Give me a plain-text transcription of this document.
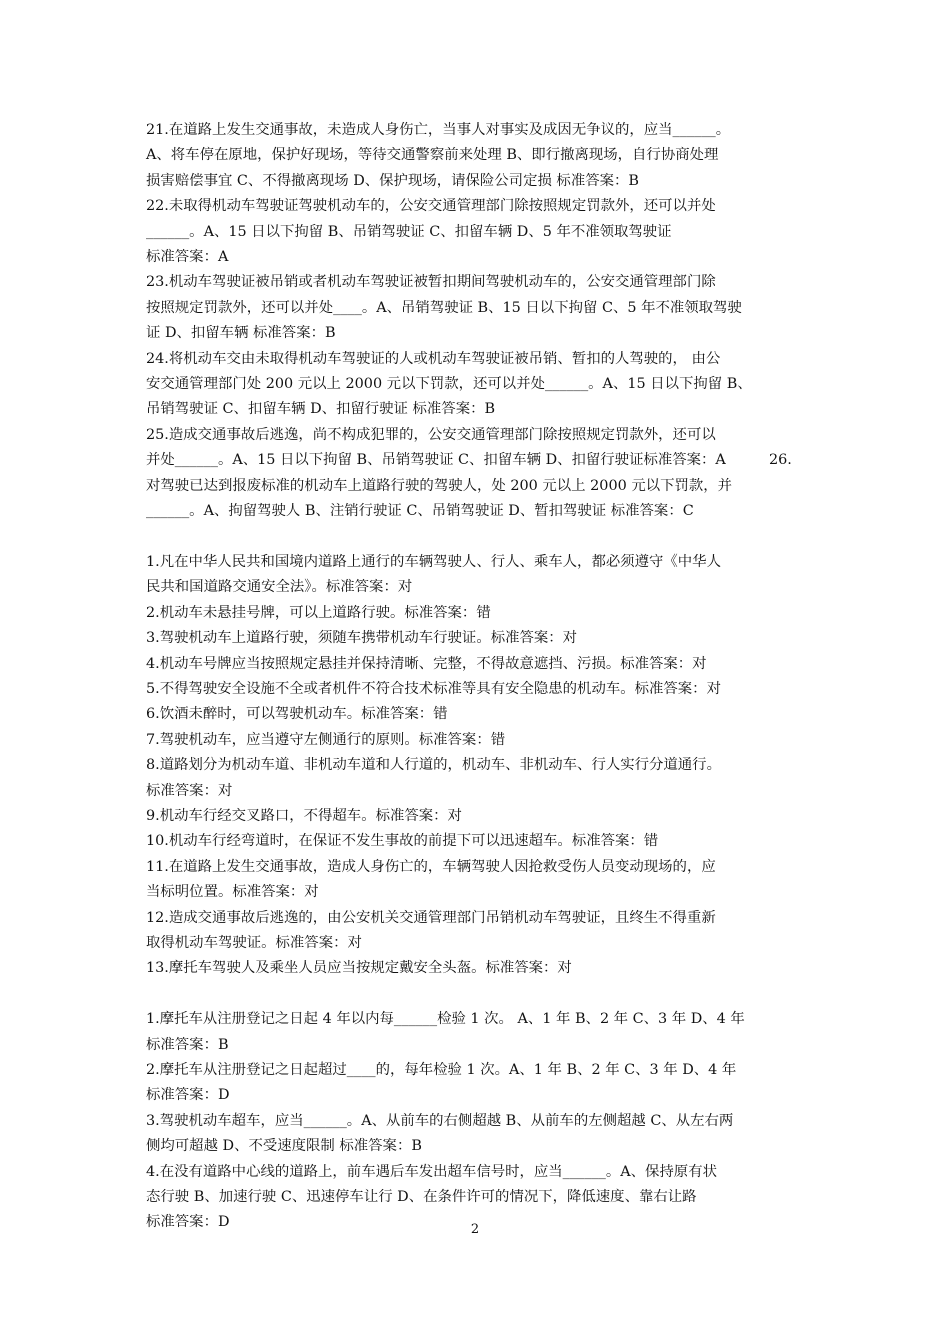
21.在道路上发生交通事故，未造成人身伤亡，当事人对事实及成因无争议的，应当______。
A、将车停在原地，保护好现场，等待交通警察前来处理 B、即行撤离现场，自行协商处理
损害赔偿事宜 C、不得撤离现场 D、保护现场，请保险公司定损 标准答案：B
22.未取得机动车驾驶证驾驶机动车的，公安交通管理部门除按照规定罚款外，还可以并处
______。A、15 日以下拘留 B、吊销驾驶证 C、扣留车辆 D、5 年不准领取驾驶证
标准答案：A
23.机动车驾驶证被吊销或者机动车驾驶证被暂扣期间驾驶机动车的，公安交通管理部门除
按照规定罚款外，还可以并处____。A、吊销驾驶证 B、15 日以下拘留 C、5 年不准领取驾驶
证 D、扣留车辆 标准答案：B
24.将机动车交由未取得机动车驾驶证的人或机动车驾驶证被吊销、暂扣的人驾驶的， 由公
安交通管理部门处 200 元以上 2000 元以下罚款，还可以并处______。A、15 日以下拘留 B、
吊销驾驶证 C、扣留车辆 D、扣留行驶证 标准答案：B
25.造成交通事故后逃逸，尚不构成犯罪的，公安交通管理部门除按照规定罚款外，还可以
并处______。A、15 日以下拘留 B、吊销驾驶证 C、扣留车辆 D、扣留行驶证标准答案：A　　　26.
对驾驶已达到报废标准的机动车上道路行驶的驾驶人，处 200 元以上 2000 元以下罚款，并
______。A、拘留驾驶人 B、注销行驶证 C、吊销驾驶证 D、暂扣驾驶证 标准答案：C
1.凡在中华人民共和国境内道路上通行的车辆驾驶人、行人、乘车人，都必须遵守《中华人
民共和国道路交通安全法》。标准答案：对
2.机动车未悬挂号牌，可以上道路行驶。标准答案：错
3.驾驶机动车上道路行驶，须随车携带机动车行驶证。标准答案：对
4.机动车号牌应当按照规定悬挂并保持清晰、完整，不得故意遮挡、污损。标准答案：对
5.不得驾驶安全设施不全或者机件不符合技术标准等具有安全隐患的机动车。标准答案：对
6.饮酒未醉时，可以驾驶机动车。标准答案：错
7.驾驶机动车，应当遵守左侧通行的原则。标准答案：错
8.道路划分为机动车道、非机动车道和人行道的，机动车、非机动车、行人实行分道通行。
标准答案：对
9.机动车行经交叉路口，不得超车。标准答案：对
10.机动车行经弯道时，在保证不发生事故的前提下可以迅速超车。标准答案：错
11.在道路上发生交通事故，造成人身伤亡的，车辆驾驶人因抢救受伤人员变动现场的，应
当标明位置。标准答案：对
12.造成交通事故后逃逸的，由公安机关交通管理部门吊销机动车驾驶证，且终生不得重新
取得机动车驾驶证。标准答案：对
13.摩托车驾驶人及乘坐人员应当按规定戴安全头盔。标准答案：对
1.摩托车从注册登记之日起 4 年以内每______检验 1 次。 A、1 年 B、2 年 C、3 年 D、4 年
标准答案：B
2.摩托车从注册登记之日起超过____的，每年检验 1 次。A、1 年 B、2 年 C、3 年 D、4 年
标准答案：D
3.驾驶机动车超车，应当______。A、从前车的右侧超越 B、从前车的左侧超越 C、从左右两
侧均可超越 D、不受速度限制 标准答案：B
4.在没有道路中心线的道路上，前车遇后车发出超车信号时，应当______。A、保持原有状
态行驶 B、加速行驶 C、迅速停车让行 D、在条件许可的情况下，降低速度、靠右让路
标准答案：D	2
